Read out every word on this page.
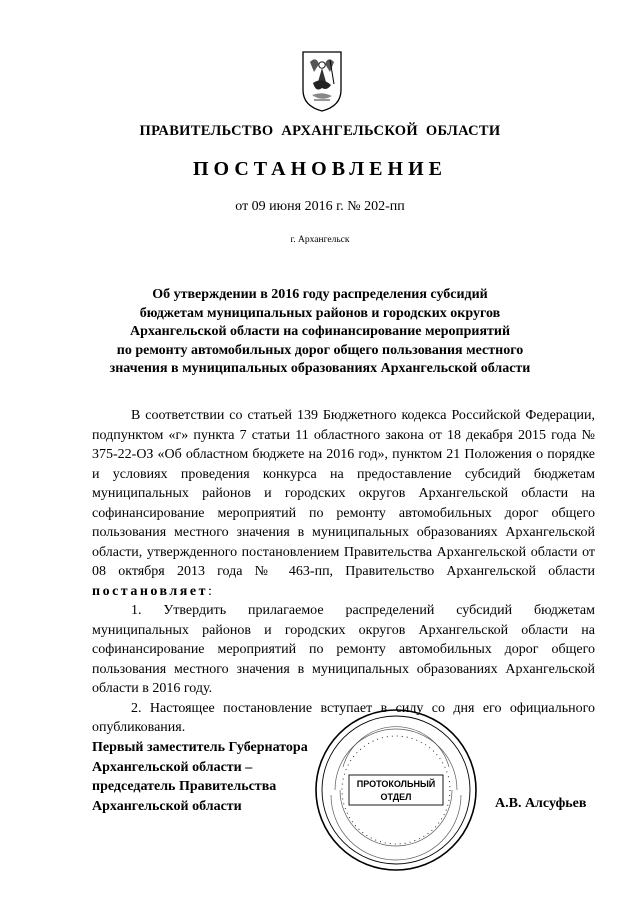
ПРАВИТЕЛЬСТВО АРХАНГЕЛЬСКОЙ ОБЛАСТИ
ПОСТАНОВЛЕНИЕ
от 09 июня 2016 г. № 202-пп
г. Архангельск
Об утверждении в 2016 году распределения субсидий
бюджетам муниципальных районов и городских округов
Архангельской области на софинансирование мероприятий
по ремонту автомобильных дорог общего пользования местного
значения в муниципальных образованиях Архангельской области

В соответствии со статьей 139 Бюджетного кодекса Российской Федерации, подпунктом «г» пункта 7 статьи 11 областного закона от 18 декабря 2015 года № 375-22-ОЗ «Об областном бюджете на 2016 год», пунктом 21 Положения о порядке и условиях проведения конкурса на предоставление субсидий бюджетам муниципальных районов и городских округов Архангельской области на софинансирование мероприятий по ремонту автомобильных дорог общего пользования местного значения в муниципальных образованиях Архангельской области, утвержденного постановлением Правительства Архангельской области от 08 октября 2013 года № 463-пп, Правительство Архангельской области постановляет:

1. Утвердить прилагаемое распределений субсидий бюджетам муниципальных районов и городских округов Архангельской области на софинансирование мероприятий по ремонту автомобильных дорог общего пользования местного значения в муниципальных образованиях Архангельской области в 2016 году.

2. Настоящее постановление вступает в силу со дня его официального опубликования.

ПРОТОКОЛЬНЫЙ
ОТДЕЛ
Первый заместитель Губернатора
Архангельской области –
председатель Правительства
Архангельской области	А.В. Алсуфьев
